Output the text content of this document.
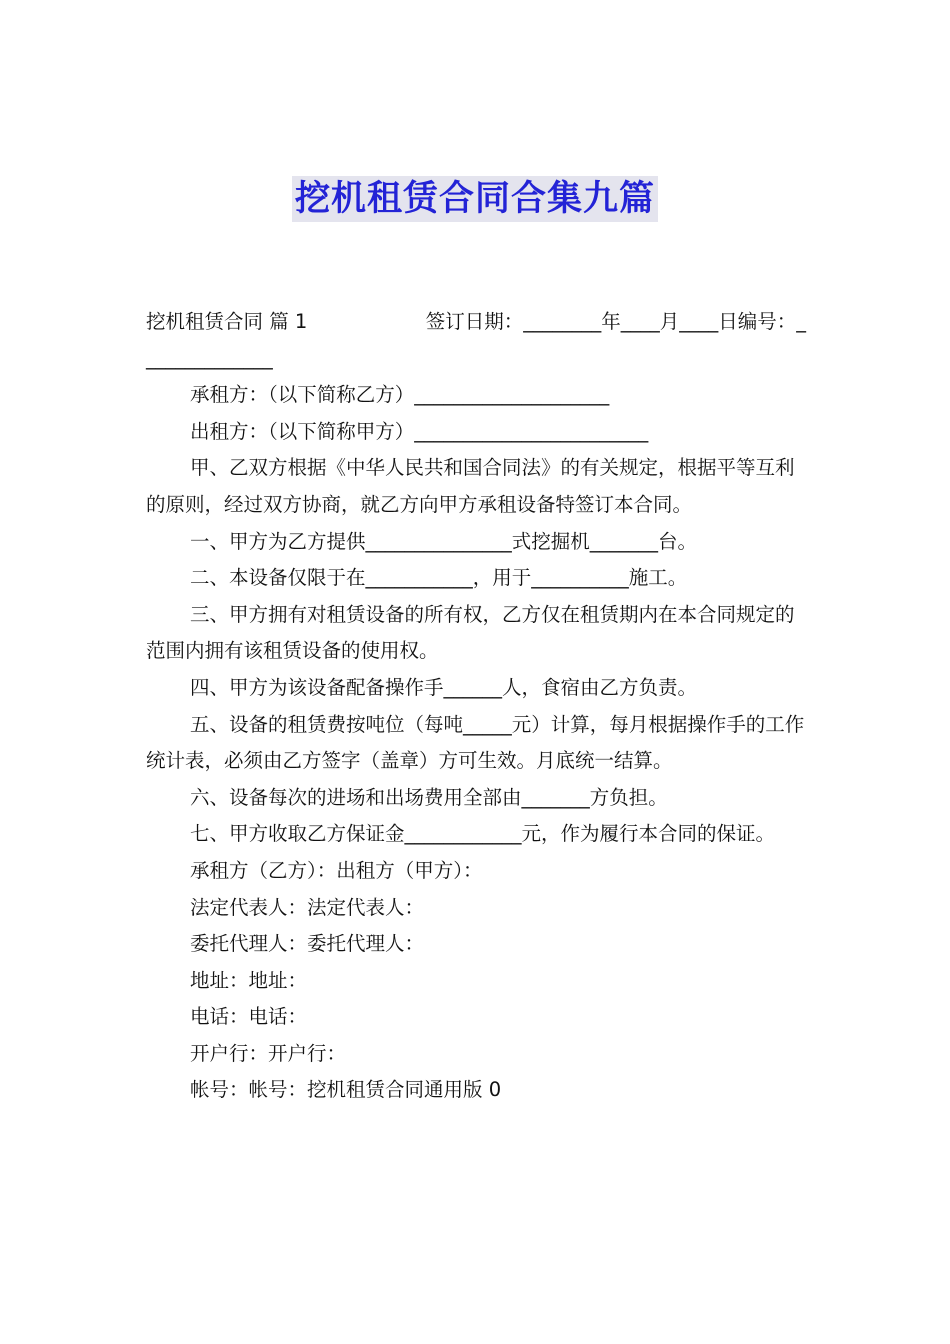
挖机租赁合同合集九篇
挖机租赁合同 篇 1	签订日期：________年____月____日编号：_

_____________

承租方：（以下简称乙方）____________________

出租方：（以下简称甲方）________________________

甲、乙双方根据《中华人民共和国合同法》的有关规定，根据平等互利的原则，经过双方协商，就乙方向甲方承租设备特签订本合同。

一、甲方为乙方提供_______________式挖掘机_______台。

二、本设备仅限于在___________，用于__________施工。

三、甲方拥有对租赁设备的所有权，乙方仅在租赁期内在本合同规定的范围内拥有该租赁设备的使用权。

四、甲方为该设备配备操作手______人，食宿由乙方负责。

五、设备的租赁费按吨位（每吨_____元）计算，每月根据操作手的工作统计表，必须由乙方签字（盖章）方可生效。月底统一结算。

六、设备每次的进场和出场费用全部由_______方负担。

七、甲方收取乙方保证金____________元，作为履行本合同的保证。

承租方（乙方）：出租方（甲方）：

法定代表人：法定代表人：

委托代理人：委托代理人：

地址：地址：

电话：电话：

开户行：开户行：

帐号：帐号：挖机租赁合同通用版 0
